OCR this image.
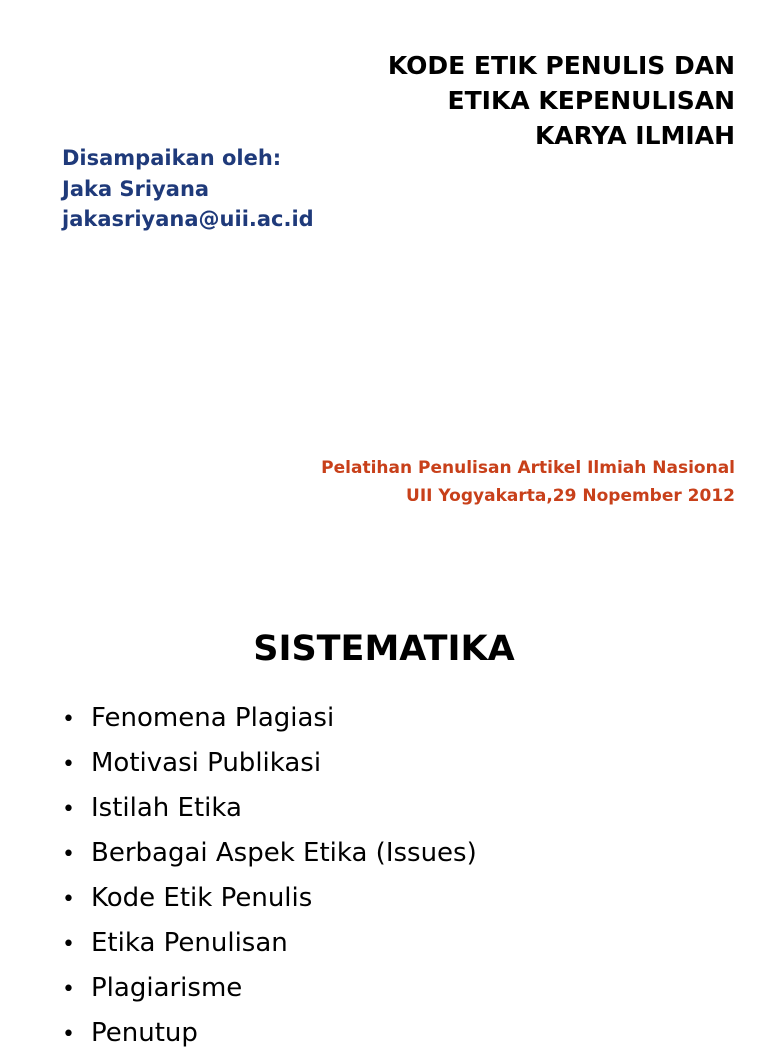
KODE ETIK PENULIS DAN
ETIKA KEPENULISAN
KARYA ILMIAH
Disampaikan oleh:
Jaka Sriyana
jakasriyana@uii.ac.id
Pelatihan Penulisan Artikel Ilmiah Nasional
UII Yogyakarta,29 Nopember 2012
SISTEMATIKA
• Fenomena Plagiasi
• Motivasi Publikasi
• Istilah Etika
• Berbagai Aspek Etika (Issues)
• Kode Etik Penulis
• Etika Penulisan
• Plagiarisme
• Penutup
